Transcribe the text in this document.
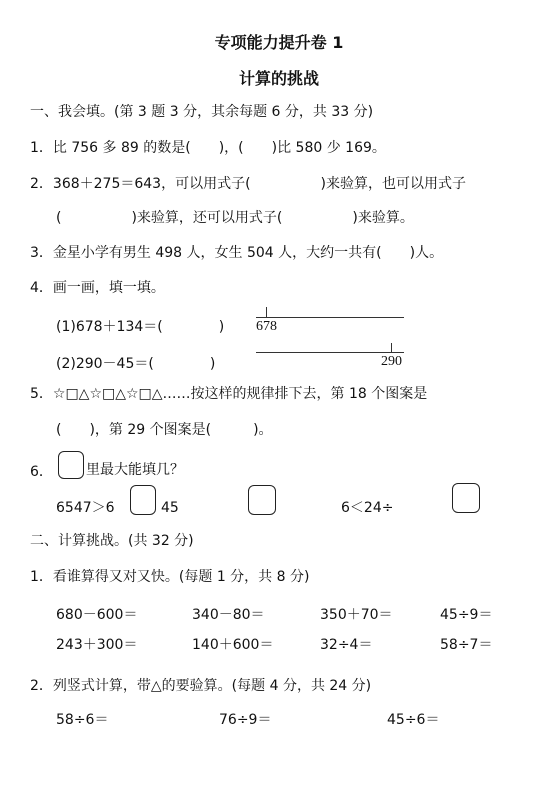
专项能力提升卷 1
计算的挑战
一、我会填。(第 3 题 3 分，其余每题 6 分，共 33 分)
1．比 756 多 89 的数是(　　)，(　　)比 580 少 169。
2．368＋275＝643，可以用式子(　　　　　)来验算，也可以用式子
(　　　　　)来验算，还可以用式子(　　　　　)来验算。
3．金星小学有男生 498 人，女生 504 人，大约一共有(　　)人。
4．画一画，填一填。
(1)678＋134＝(　　　　) 678
(2)290－45＝(　　　　)	290
5．☆□△☆□△☆□△……按这样的规律排下去，第 18 个图案是
(　　)，第 29 个图案是(　　　)。
6． 里最大能填几？
6547＞6	45	6＜24÷
二、计算挑战。(共 32 分)
1．看谁算得又对又快。(每题 1 分，共 8 分)
680－600＝	340－80＝	350＋70＝	45÷9＝
243＋300＝	140＋600＝	32÷4＝	58÷7＝
2．列竖式计算，带△的要验算。(每题 4 分，共 24 分)
58÷6＝	76÷9＝	45÷6＝
